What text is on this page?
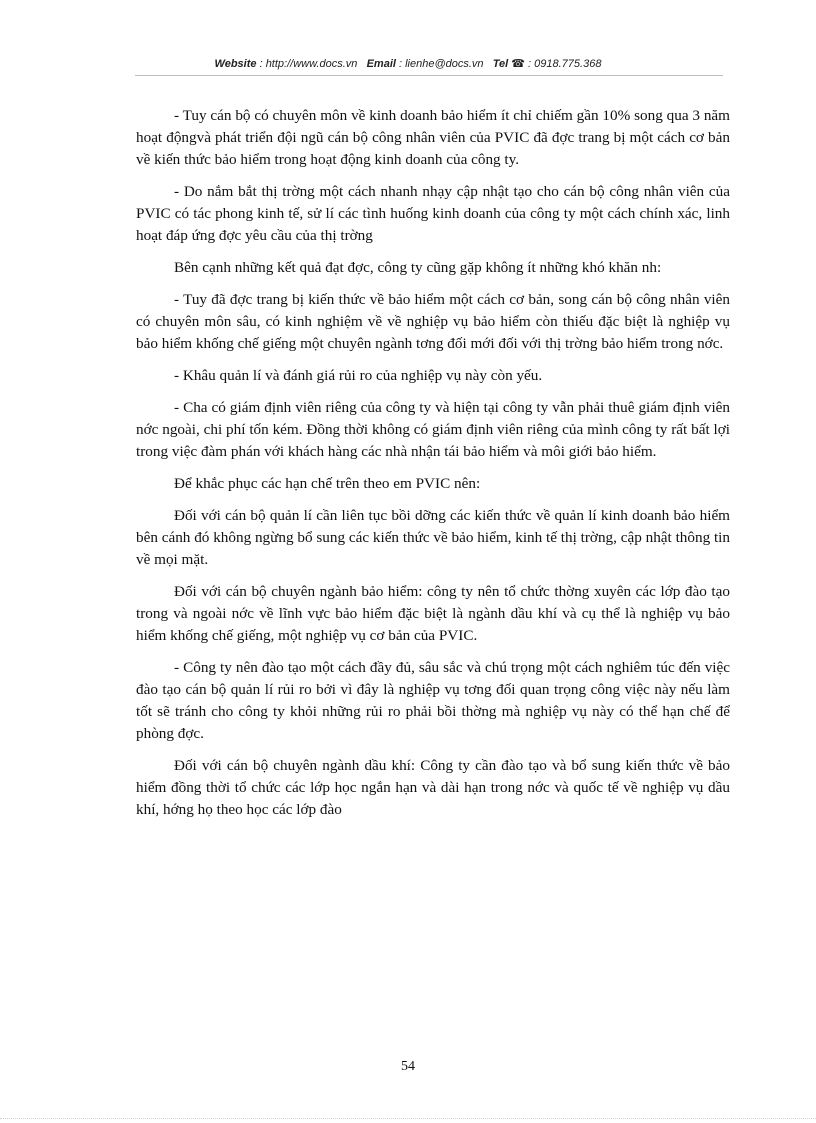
Website : http://www.docs.vn Email : lienhe@docs.vn Tel ☎ : 0918.775.368

- Tuy cán bộ có chuyên môn về kinh doanh bảo hiểm ít chỉ chiếm gần 10% song qua 3 năm hoạt độngvà phát triển đội ngũ cán bộ công nhân viên của PVIC đã đợc trang bị một cách cơ bản về kiến thức bảo hiểm trong hoạt động kinh doanh của công ty.

- Do nắm bắt thị trờng một cách nhanh nhạy cập nhật tạo cho cán bộ công nhân viên của PVIC có tác phong kinh tế, sử lí các tình huống kinh doanh của công ty một cách chính xác, linh hoạt đáp ứng đợc yêu cầu của thị trờng

Bên cạnh những kết quả đạt đợc, công ty cũng gặp không ít những khó khăn nh:

- Tuy đã đợc trang bị kiến thức về bảo hiểm một cách cơ bản, song cán bộ công nhân viên có chuyên môn sâu, có kinh nghiệm về về nghiệp vụ bảo hiểm còn thiếu đặc biệt là nghiệp vụ bảo hiểm khống chế giếng một chuyên ngành tơng đối mới đối với thị trờng bảo hiểm trong nớc.

- Khâu quản lí và đánh giá rủi ro của nghiệp vụ này còn yếu.

- Cha có giám định viên riêng của công ty và hiện tại công ty vẫn phải thuê giám định viên nớc ngoài, chi phí tốn kém. Đồng thời không có giám định viên riêng của mình công ty rất bất lợi trong việc đàm phán với khách hàng các nhà nhận tái bảo hiểm và môi giới bảo hiểm.

Để khắc phục các hạn chế trên theo em PVIC nên:

Đối với cán bộ quản lí cần liên tục bồi dỡng các kiến thức về quản lí kinh doanh bảo hiểm bên cánh đó không ngừng bổ sung các kiến thức về bảo hiểm, kinh tế thị trờng, cập nhật thông tin về mọi mặt.

Đối với cán bộ chuyên ngành bảo hiểm: công ty nên tổ chức thờng xuyên các lớp đào tạo trong và ngoài nớc về lĩnh vực bảo hiểm đặc biệt là ngành dầu khí và cụ thể là nghiệp vụ bảo hiểm khống chế giếng, một nghiệp vụ cơ bản của PVIC.

- Công ty nên đào tạo một cách đầy đủ, sâu sắc và chú trọng một cách nghiêm túc đến việc đào tạo cán bộ quản lí rủi ro bởi vì đây là nghiệp vụ tơng đối quan trọng công việc này nếu làm tốt sẽ tránh cho công ty khỏi những rủi ro phải bồi thờng mà nghiệp vụ này có thể hạn chế để phòng đợc.

Đối với cán bộ chuyên ngành dầu khí: Công ty cần đào tạo và bổ sung kiến thức về bảo hiểm đồng thời tổ chức các lớp học ngắn hạn và dài hạn trong nớc và quốc tế về nghiệp vụ dầu khí, hớng họ theo học các lớp đào

54
